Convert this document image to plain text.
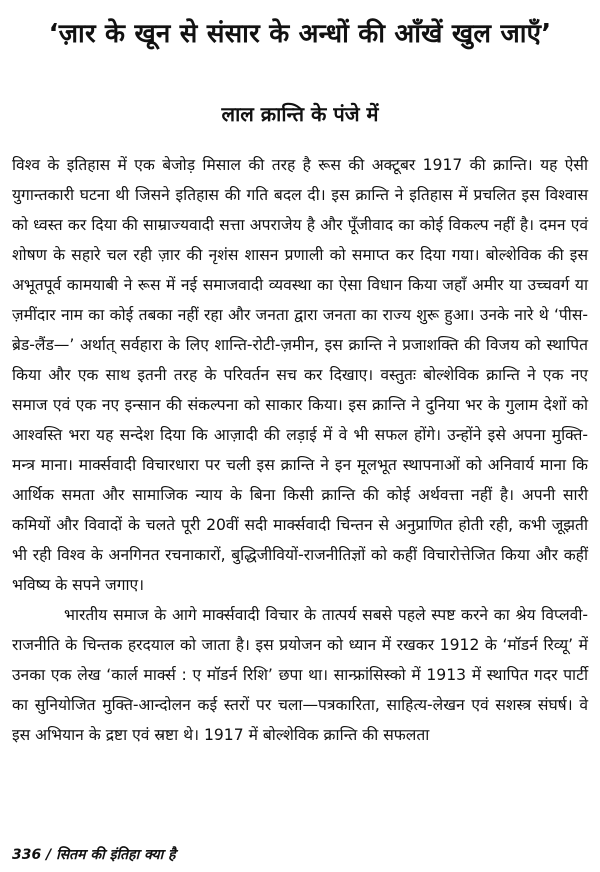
‘ज़ार के खून से संसार के अन्धों की आँखें खुल जाएँ’
लाल क्रान्ति के पंजे में

विश्व के इतिहास में एक बेजोड़ मिसाल की तरह है रूस की अक्टूबर 1917 की क्रान्ति। यह ऐसी युगान्तकारी घटना थी जिसने इतिहास की गति बदल दी। इस क्रान्ति ने इतिहास में प्रचलित इस विश्वास को ध्वस्त कर दिया की साम्राज्यवादी सत्ता अपराजेय है और पूँजीवाद का कोई विकल्प नहीं है। दमन एवं शोषण के सहारे चल रही ज़ार की नृशंस शासन प्रणाली को समाप्त कर दिया गया। बोल्शेविक की इस अभूतपूर्व कामयाबी ने रूस में नई समाजवादी व्यवस्था का ऐसा विधान किया जहाँ अमीर या उच्चवर्ग या ज़मींदार नाम का कोई तबका नहीं रहा और जनता द्वारा जनता का राज्य शुरू हुआ। उनके नारे थे ‘पीस-ब्रेड-लैंड—’ अर्थात् सर्वहारा के लिए शान्ति-रोटी-ज़मीन, इस क्रान्ति ने प्रजाशक्ति की विजय को स्थापित किया और एक साथ इतनी तरह के परिवर्तन सच कर दिखाए। वस्तुतः बोल्शेविक क्रान्ति ने एक नए समाज एवं एक नए इन्सान की संकल्पना को साकार किया। इस क्रान्ति ने दुनिया भर के गुलाम देशों को आश्वस्ति भरा यह सन्देश दिया कि आज़ादी की लड़ाई में वे भी सफल होंगे। उन्होंने इसे अपना मुक्ति-मन्त्र माना। मार्क्सवादी विचारधारा पर चली इस क्रान्ति ने इन मूलभूत स्थापनाओं को अनिवार्य माना कि आर्थिक समता और सामाजिक न्याय के बिना किसी क्रान्ति की कोई अर्थवत्ता नहीं है। अपनी सारी कमियों और विवादों के चलते पूरी 20वीं सदी मार्क्सवादी चिन्तन से अनुप्राणित होती रही, कभी जूझती भी रही विश्व के अनगिनत रचनाकारों, बुद्धिजीवियों-राजनीतिज्ञों को कहीं विचारोत्तेजित किया और कहीं भविष्य के सपने जगाए।

भारतीय समाज के आगे मार्क्सवादी विचार के तात्पर्य सबसे पहले स्पष्ट करने का श्रेय विप्लवी-राजनीति के चिन्तक हरदयाल को जाता है। इस प्रयोजन को ध्यान में रखकर 1912 के ‘मॉडर्न रिव्यू’ में उनका एक लेख ‘कार्ल मार्क्स : ए मॉडर्न रिशि’ छपा था। सान्फ्रांसिस्को में 1913 में स्थापित गदर पार्टी का सुनियोजित मुक्ति-आन्दोलन कई स्तरों पर चला—पत्रकारिता, साहित्य-लेखन एवं सशस्त्र संघर्ष। वे इस अभियान के द्रष्टा एवं स्रष्टा थे। 1917 में बोल्शेविक क्रान्ति की सफलता

336 / सितम की इंतिहा क्या है
